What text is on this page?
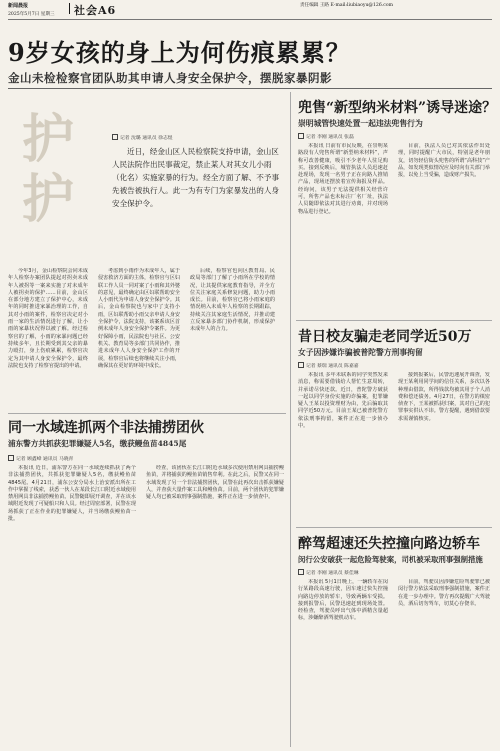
新闻晨报
2025年5月7日 星期三 社会A6	责任编辑 王路 E-mail:liubiaoyu@126.com
9岁女孩的身上为何伤痕累累？
金山未检检察官团队助其申请人身安全保护令，摆脱家暴阴影
护 护
记者 沈璐 通讯员 徐志煜
近日，经金山区人民检察院支持申请，金山区人民法院作出民事裁定，禁止某人对其女儿小雨（化名）实施家暴的行为。经全方面了解、不予事先被告被执行人。此一为有专门为家暴发出的人身安全保护令。

今年3月，金山检察院会同未成年人检察办案团队提起对拐卖未成年人被拐等一案来实施了对未成年人被拐卖的保护……目前，金山区在部分地方建立了保护中心，未成年的同时推进家暴治理的工作，自其对小雨的案件，检察官决定对小雨一家的生活情况进行了解，让小雨的家暴状况得以被了解。经过检察官的了解，小雨的家暴问题已经持续多年，且长期受到其父亲的暴力殴打，身上伤痕累累，检察官决定为其申请人身安全保护令，最终法院也支持了检察官提出的申请。

考虑到小雨作为未成年人，属于侵害救济方面的主体，检察官与区妇联工作人员一同对案了小雨和其外婆的意见，最终确定由区妇联帮助安全人小雨代为申请人身安全保护令。其后，金山检察院也与家中了支持小雨，区妇联帮助小雨父亲申请人身安全保护令，法院支持，该案系该区首例未成年人身安全保护令案件。为更好保障小雨，民法院也与社区、公安机关、教育局等多部门共同协作，推进未成年人人身安全保护工作的开展，检察官后续也将继续关注小雨，确保其在更好的环境中成长。

后续，检察官也向区教育局、民政局等部门了解了小雨所在学校的情况，让其提供家庭教育指导，并全方位关注家庭关系修复问题，助力小雨成长。目前，检察官已将小雨家庭的情况纳入未成年人检察的长期跟踪，持续关注其家庭生活情况，并推动建立反家暴多部门协作机制，形成保护未成年人的合力。

兜售“新型纳米材料”诱导迷途？
崇明城管快速处置一起违法兜售行为
记者 李刚 通讯员 张磊

本报讯 日前有市民反映，在崇明某路段有人兜售所谓“新型纳米材料”，声称可改善健康，吸引不少老年人驻足购买。接到反映后，城管执法人员迅速赶赴现场，发现一名男子正在向路人推销产品，现场还摆放着宣传海报及样品。经询问，该男子无法提供相关经营许可，所售产品也未标注厂名厂址，执法人员随即依法对其进行劝离，并对现场物品进行登记。

目前，执法人员已对其依法作出处理，同时提醒广大市民，特别是老年朋友，切勿轻信街头兜售的所谓“高科技”产品，如发现类似情况应及时向有关部门举报，以免上当受骗，造成财产损失。

昔日校友骗走老同学近50万
女子因涉嫌诈骗被普陀警方刑事拘留
记者 蔡瑞 通讯员 陈嘉嘉

本报讯 多年未联系的同学突然发来消息，称需要借钱给人帮忙生意周转，并承诺尽快还款。近日，普陀警方破获一起以同学身份实施的诈骗案，犯罪嫌疑人王某以投资理财为由，先后骗取其同学近50万元。目前王某已被普陀警方依法刑事拘留，案件正在进一步侦办中。

接到报案后，民警迅速展开调查，发现王某利用同学间的信任关系，多次以各种理由借款，所得钱款均被其用于个人消费和偿还债务。4月27日，在警方的缜密侦查下，王某被抓获归案，其对自己的犯罪事实供认不讳。警方提醒，遇到借款要求需谨慎核实。

醉驾超速还失控撞向路边轿车
闵行公安破获一起危险驾驶案，司机被采取刑事强制措施
记者 李刚 通讯员 蔡佳琳

本报讯 5月1日晚上，一辆轿车在闵行某路段高速行驶，因车速过快失控撞向路边停放的轿车，导致两辆车受损。接到报警后，民警迅速赶到现场处置。经检查，驾驶员呼出气体中酒精含量超标，涉嫌醉酒驾驶机动车。

目前，驾驶员因涉嫌危险驾驶罪已被闵行警方依法采取刑事强制措施，案件正在进一步办理中。警方再次提醒广大驾驶员，酒后切勿驾车，切莫心存侥幸。

同一水域连抓两个非法捕捞团伙
浦东警方共抓获犯罪嫌疑人5名，缴获鳗鱼苗4845尾
记者 顾鑫峰 通讯员 马晓青

本报讯 近日，浦东警方在同一水域连续抓获了两个非法捕捞团伙，共抓获犯罪嫌疑人5名，缴获鳗鱼苗4845尾。4月21日，浦东公安分局水上治安派出所在工作中掌握了线索，获悉一伙人在某段长江口附近水域使用禁用网具非法捕捞鳗鱼苗。民警随即展开调查，并在该水域附近发现了可疑船只和人员。经过周密部署，民警在现场抓获了正在作业的犯罪嫌疑人，并当场缴获鳗鱼苗一批。

经查，该团伙在长江口附近水域多次使用禁用网具捕捞鳗鱼苗，并将捕获的鳗鱼苗销售牟利。在此之后，民警又在同一水域发现了另一个非法捕捞团伙，民警在此再次出击抓获嫌疑人，并查获大量作案工具和鳗鱼苗。目前，两个团伙的犯罪嫌疑人均已被采取刑事强制措施，案件正在进一步侦查中。
